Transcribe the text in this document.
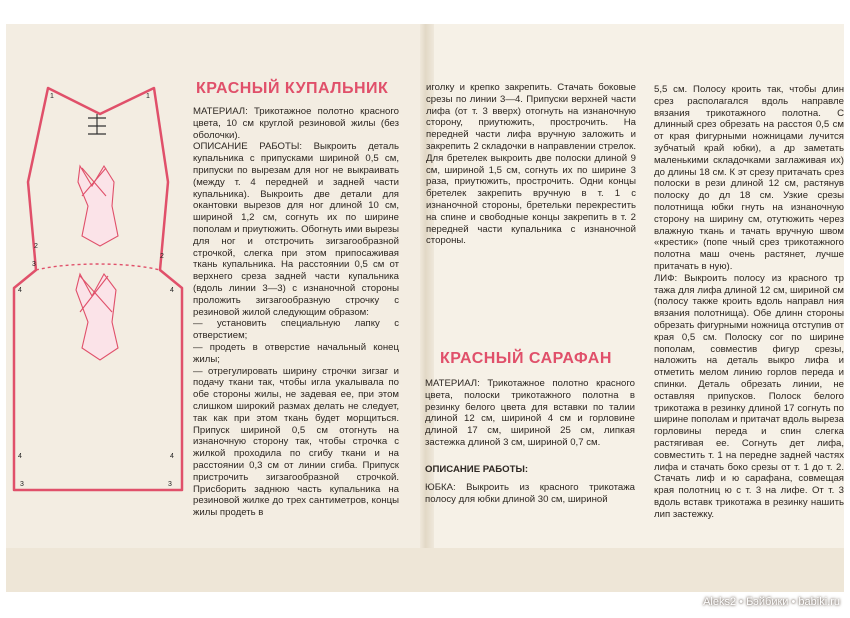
1	1
2
3
4
2
4
4
3
4
3
КРАСНЫЙ КУПАЛЬНИК
МАТЕРИАЛ: Трикотажное полотно красного цвета, 10 см круглой резиновой жилы (без оболочки).
ОПИСАНИЕ РАБОТЫ: Выкроить деталь купальника с припусками шириной 0,5 см, припуски по вырезам для ног не выкраивать (между т. 4 передней и задней части купальника). Выкроить две детали для окантовки вырезов для ног длиной 10 см, шириной 1,2 см, согнуть их по ширине пополам и приутюжить. Обогнуть ими вырезы для ног и отстрочить зигзагообразной строчкой, слегка при этом припосаживая ткань купальника. На расстоянии 0,5 см от верхнего среза задней части купальника (вдоль линии 3—3) с изнаночной стороны проложить зигзагообразную строчку с резиновой жилой следующим образом:
— установить специальную лапку с отверстием;
— продеть в отверстие начальный конец жилы;
— отрегулировать ширину строчки зигзаг и подачу ткани так, чтобы игла укалывала по обе стороны жилы, не задевая ее, при этом слишком широкий размах делать не следует, так как при этом ткань будет морщиться. Припуск шириной 0,5 см отогнуть на изнаночную сторону так, чтобы строчка с жилкой проходила по сгибу ткани и на расстоянии 0,3 см от линии сгиба. Припуск пристрочить зигзагообразной строчкой. Присборить заднюю часть купальника на резиновой жилке до трех сантиметров, концы жилы продеть в
иголку и крепко закрепить. Стачать боковые срезы по линии 3—4. Припуски верхней части лифа (от т. 3 вверх) отогнуть на изнаночную сторону, приутюжить, прострочить. На передней части лифа вручную заложить и закрепить 2 складочки в направлении стрелок. Для бретелек выкроить две полоски длиной 9 см, шириной 1,5 см, согнуть их по ширине 3 раза, приутюжить, прострочить. Одни концы бретелек закрепить вручную в т. 1 с изнаночной стороны, бретельки перекрестить на спине и свободные концы закрепить в т. 2 передней части купальника с изнаночной стороны.
КРАСНЫЙ САРАФАН
МАТЕРИАЛ: Трикотажное полотно красного цвета, полоски трикотажного полотна в резинку белого цвета для вставки по талии длиной 12 см, шириной 4 см и горловине длиной 17 см, шириной 25 см, липкая застежка длиной 3 см, шириной 0,7 см.
ОПИСАНИЕ РАБОТЫ:
ЮБКА: Выкроить из красного трикотажа полосу для юбки длиной 30 см, шириной
5,5 см. Полосу кроить так, чтобы длин срез располагался вдоль направле вязания трикотажного полотна. С длинный срез обрезать на расстоя 0,5 см от края фигурными ножницами лучится зубчатый край юбки), а др заметать маленькими складочками заглаживая их) до длины 18 см. К эт срезу притачать срез полоски в рези длиной 12 см, растянув полоску до дл 18 см. Узкие срезы полотнища юбки гнуть на изнаночную сторону на ширину см, отутюжить через влажную ткань и тачать вручную швом «крестик» (попе чный срез трикотажного полотна маш очень растянет, лучше притачать в ную).
ЛИФ: Выкроить полосу из красного тр тажа для лифа длиной 12 см, шириной см (полосу также кроить вдоль направл ния вязания полотнища). Обе длинн стороны обрезать фигурными ножница отступив от края 0,5 см. Полоску сог по ширине пополам, совместив фигур срезы, наложить на деталь выкро лифа и отметить мелом линию горлов переда и спинки. Деталь обрезать линии, не оставляя припусков. Полоск белого трикотажа в резинку длиной 17 согнуть по ширине пополам и притачат вдоль выреза горловины переда и спин слегка растягивая ее. Согнуть дет лифа, совместить т. 1 на передне задней частях лифа и стачать боко срезы от т. 1 до т. 2. Стачать лиф и ю сарафана, совмещая края полотниц ю с т. 3 на лифе. От т. 3 вдоль вставк трикотажа в резинку нашить лип застежку.
Aleks2 • Бэйбики • babiki.ru
